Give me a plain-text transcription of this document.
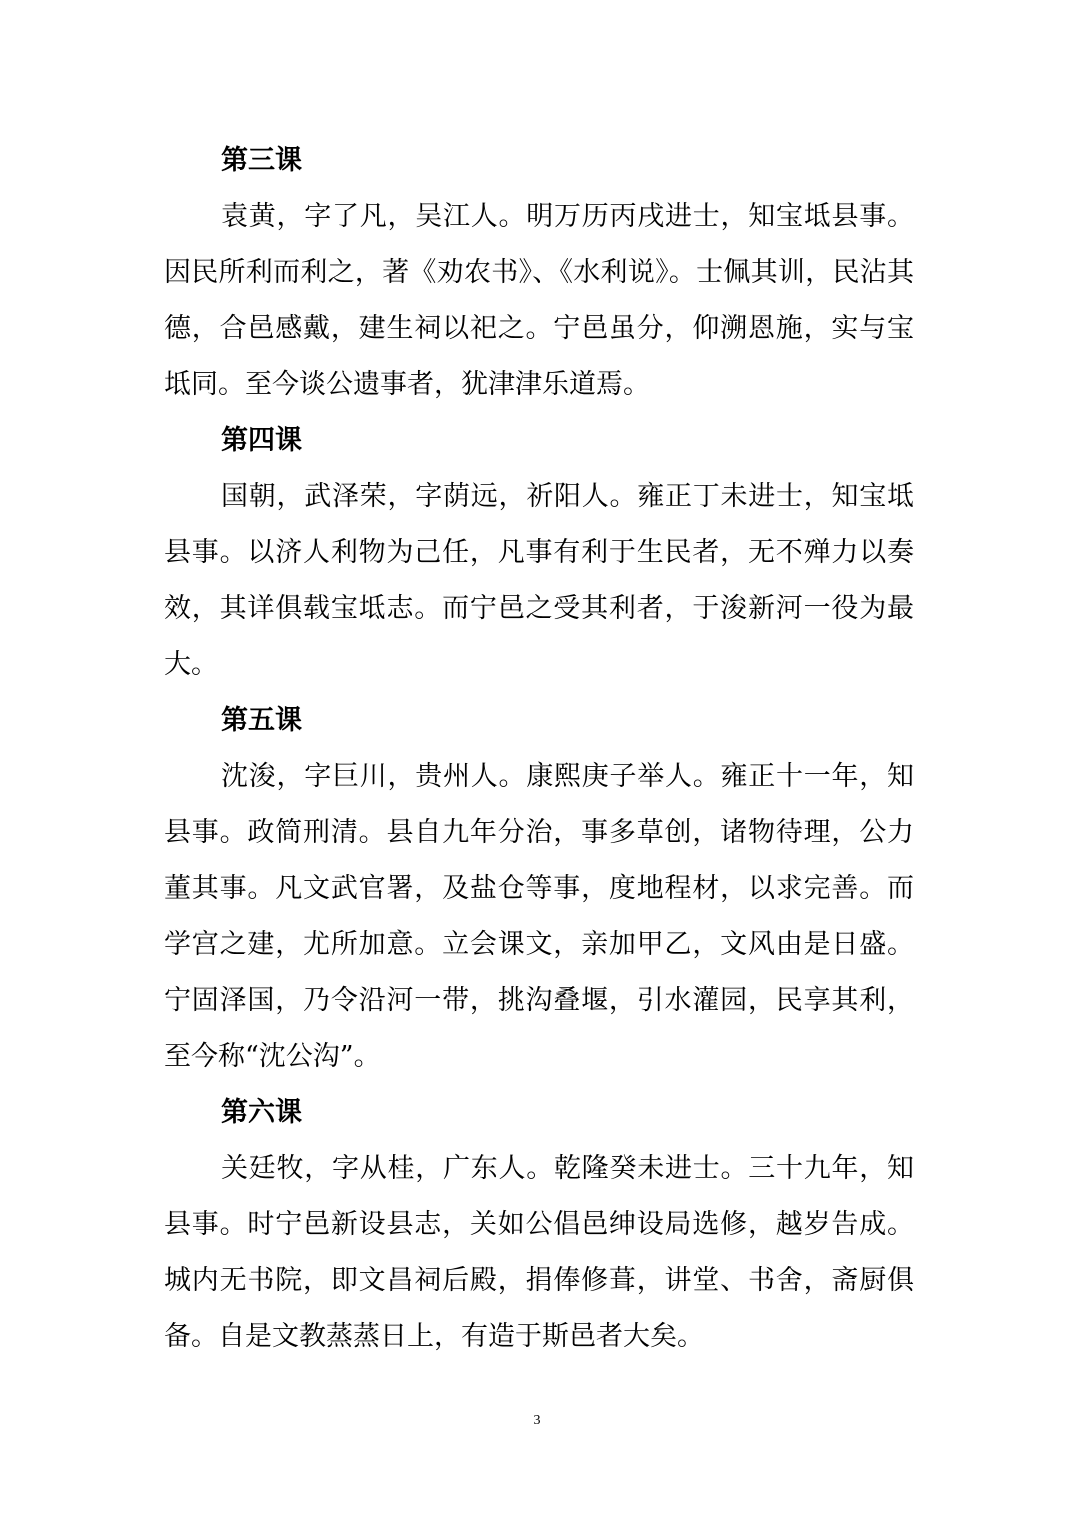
第三课

袁黄，字了凡，吴江人。明万历丙戌进士，知宝坻县事。因民所利而利之，著《劝农书》、《水利说》。士佩其训，民沾其德，合邑感戴，建生祠以祀之。宁邑虽分，仰溯恩施，实与宝坻同。至今谈公遗事者，犹津津乐道焉。

第四课

国朝，武泽荣，字荫远，祈阳人。雍正丁未进士，知宝坻县事。以济人利物为己任，凡事有利于生民者，无不殚力以奏效，其详俱载宝坻志。而宁邑之受其利者，于浚新河一役为最大。

第五课

沈浚，字巨川，贵州人。康熙庚子举人。雍正十一年，知县事。政简刑清。县自九年分治，事多草创，诸物待理，公力董其事。凡文武官署，及盐仓等事，度地程材，以求完善。而学宫之建，尤所加意。立会课文，亲加甲乙，文风由是日盛。宁固泽国，乃令沿河一带，挑沟叠堰，引水灌园，民享其利，至今称“沈公沟”。

第六课

关廷牧，字从桂，广东人。乾隆癸未进士。三十九年，知县事。时宁邑新设县志，关如公倡邑绅设局选修，越岁告成。城内无书院，即文昌祠后殿，捐俸修葺，讲堂、书舍，斋厨俱备。自是文教蒸蒸日上，有造于斯邑者大矣。

3
